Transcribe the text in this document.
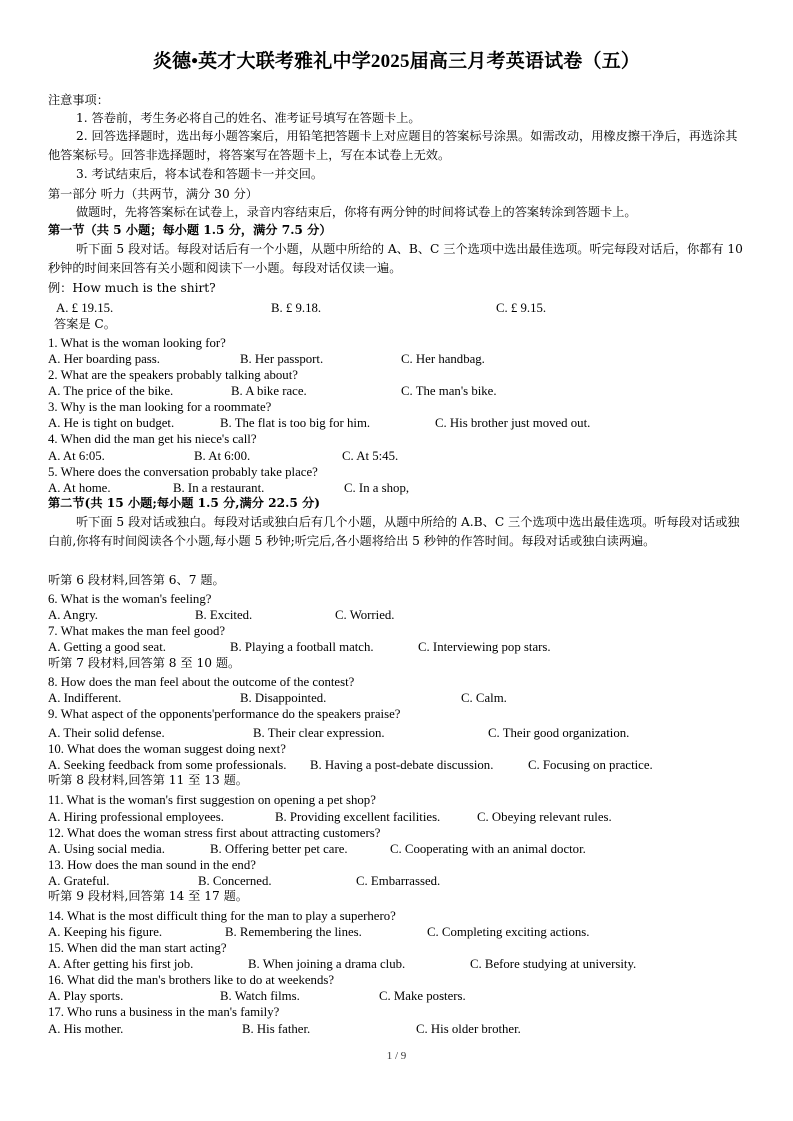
炎德•英才大联考雅礼中学2025届高三月考英语试卷（五）
注意事项：
1. 答卷前，考生务必将自己的姓名、准考证号填写在答题卡上。
2. 回答选择题时，选出每小题答案后，用铅笔把答题卡上对应题目的答案标号涂黑。如需改动，用橡皮擦干净后，再选涂其他答案标号。回答非选择题时，将答案写在答题卡上，写在本试卷上无效。
3. 考试结束后，将本试卷和答题卡一并交回。
第一部分 听力（共两节，满分 30 分）
做题时，先将答案标在试卷上，录音内容结束后，你将有两分钟的时间将试卷上的答案转涂到答题卡上。
第一节（共 5 小题；每小题 1.5 分，满分 7.5 分）
听下面 5 段对话。每段对话后有一个小题，从题中所给的 A、B、C 三个选项中选出最佳选项。听完每段对话后，你都有 10 秒钟的时间来回答有关小题和阅读下一小题。每段对话仅读一遍。
例：How much is the shirt?
A. £ 19.15.	B. £ 9.18.	C. £ 9.15.
答案是 C。
1. What is the woman looking for?
A. Her boarding pass.	B. Her passport.	C. Her handbag.
2. What are the speakers probably talking about?
A. The price of the bike.	B. A bike race.	C. The man's bike.
3. Why is the man looking for a roommate?
A. He is tight on budget.	B. The flat is too big for him.	C. His brother just moved out.
4. When did the man get his niece's call?
A. At 6:05.	B. At 6:00.	C. At 5:45.
5. Where does the conversation probably take place?
A. At home.	B. In a restaurant.	C. In a shop,
第二节(共 15 小题;每小题 1.5 分,满分 22.5 分)
听下面 5 段对话或独白。每段对话或独白后有几个小题，从题中所给的 A.B、C 三个选项中选出最佳选项。听每段对话或独白前,你将有时间阅读各个小题,每小题 5 秒钟;听完后,各小题将给出 5 秒钟的作答时间。每段对话或独白读两遍。
听第 6 段材料,回答第 6、7 题。
6. What is the woman's feeling?
A. Angry.	B. Excited.	C. Worried.
7. What makes the man feel good?
A. Getting a good seat.	B. Playing a football match.	C. Interviewing pop stars.
听第 7 段材料,回答第 8 至 10 题。
8. How does the man feel about the outcome of the contest?
A. Indifferent.	B. Disappointed.	C. Calm.
9. What aspect of the opponents'performance do the speakers praise?
A. Their solid defense.	B. Their clear expression.	C. Their good organization.
10. What does the woman suggest doing next?
A. Seeking feedback from some professionals. B. Having a post-debate discussion.	C. Focusing on practice.
听第 8 段材料,回答第 11 至 13 题。
11. What is the woman's first suggestion on opening a pet shop?
A. Hiring professional employees.	B. Providing excellent facilities.	C. Obeying relevant rules.
12. What does the woman stress first about attracting customers?
A. Using social media.	B. Offering better pet care.	C. Cooperating with an animal doctor.
13. How does the man sound in the end?
A. Grateful.	B. Concerned.	C. Embarrassed.
听第 9 段材料,回答第 14 至 17 题。
14. What is the most difficult thing for the man to play a superhero?
A. Keeping his figure.	B. Remembering the lines.	C. Completing exciting actions.
15. When did the man start acting?
A. After getting his first job.	B. When joining a drama club.	C. Before studying at university.
16. What did the man's brothers like to do at weekends?
A. Play sports.	B. Watch films.	C. Make posters.
17. Who runs a business in the man's family?
A. His mother.	B. His father.	C. His older brother.
1 / 9
